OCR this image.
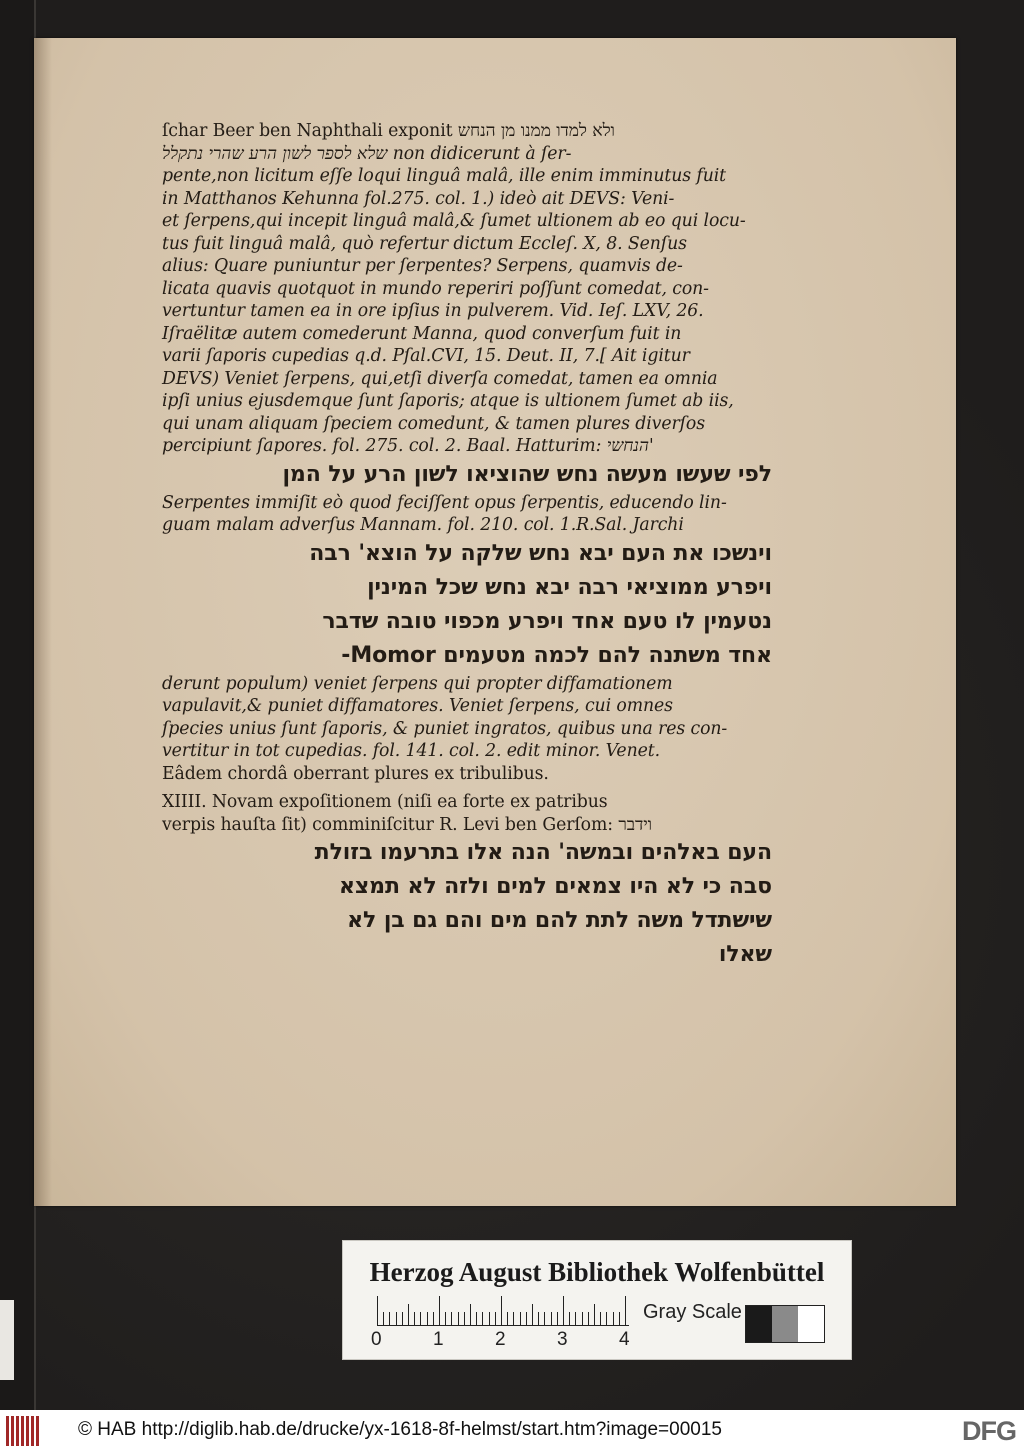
ſchar Beer ben Naphthali exponit ולא למדו ממנו מן הנחש
שלא לספר לשון הרע שהרי נתקלל non didicerunt à ſer-
pente,non licitum eſſe loqui linguâ malâ, ille enim imminutus fuit
in Matthanos Kehunna fol.275. col. 1.) ideò ait DEVS: Veni-
et ſerpens,qui incepit linguâ malâ,& ſumet ultionem ab eo qui locu-
tus fuit linguâ malâ, quò refertur dictum Eccleſ. X, 8. Senſus
alius: Quare puniuntur per ſerpentes? Serpens, quamvis de-
licata quavis quotquot in mundo reperiri poſſunt comedat, con-
vertuntur tamen ea in ore ipſius in pulverem. Vid. Ieſ. LXV, 26.
Iſraëlitæ autem comederunt Manna, quod converſum fuit in
varii ſaporis cupedias q.d. Pſal.CVI, 15. Deut. II, 7.[ Ait igitur
DEVS) Veniet ſerpens, qui,etſi diverſa comedat, tamen ea omnia
ipſi unius ejusdemque ſunt ſaporis; atque is ultionem ſumet ab iis,
qui unam aliquam ſpeciem comedunt, & tamen plures diverſos
percipiunt ſapores. fol. 275. col. 2. Baal. Hatturim: הנחשי'
לפי שעשו מעשה נחש שהוציאו לשון הרע על המן
Serpentes immiſit eò quod feciſſent opus ſerpentis, educendo lin-
guam malam adverſus Mannam. fol. 210. col. 1.R.Sal. Jarchi
וינשכו את העם יבא נחש שלקה על הוצא' רבה
ויפרע ממוציאי רבה יבא נחש שכל המינין
נטעמין לו טעם אחד ויפרע מכפוי טובה שדבר
אחד משתנה להם לכמה מטעמים Momor-
derunt populum) veniet ſerpens qui propter diffamationem
vapulavit,& puniet diffamatores. Veniet ſerpens, cui omnes
ſpecies unius ſunt ſaporis, & puniet ingratos, quibus una res con-
vertitur in tot cupedias. fol. 141. col. 2. edit minor. Venet.
Eâdem chordâ oberrant plures ex tribulibus.
XIIII. Novam expoſitionem (niſi ea forte ex patribus
verpis hauſta ſit) comminiſcitur R. Levi ben Gerſom: וידבר
העם באלהים ובמשה' הנה אלו בתרעמו בזולת
סבה כי לא היו צמאים למים ולזה לא תמצא
שישתדל משה לתת להם מים והם גם בן לא
שאלו
Herzog August Bibliothek Wolfenbüttel
0	1	2	3	4
Gray Scale
© HAB http://diglib.hab.de/drucke/yx-1618-8f-helmst/start.htm?image=00015	DFG
